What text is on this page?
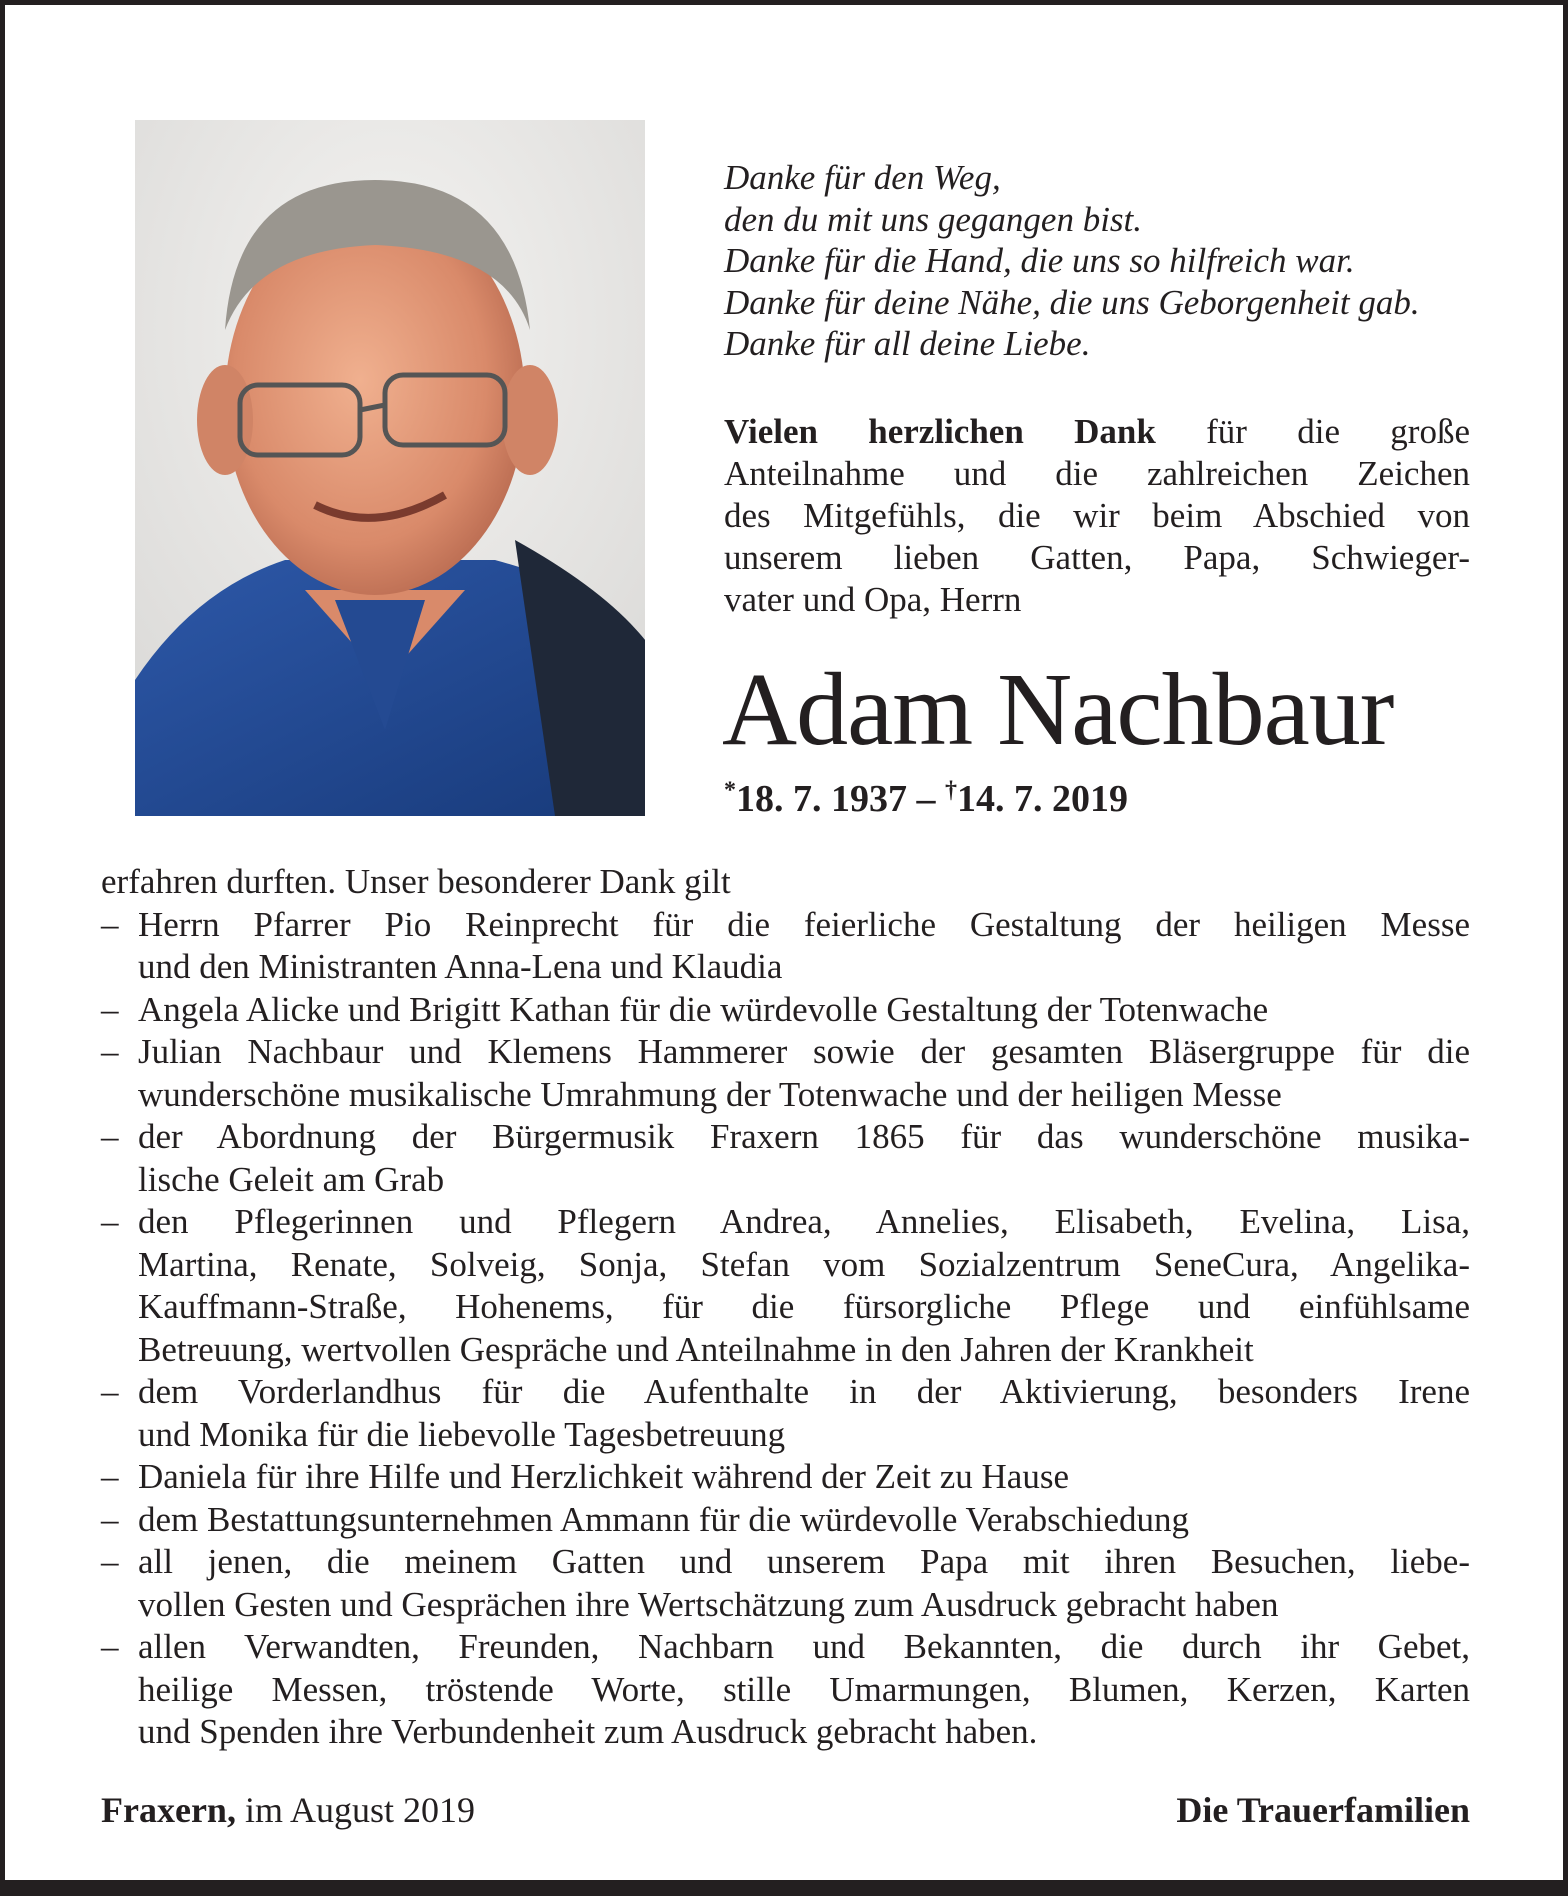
Danke für den Weg,
den du mit uns gegangen bist.
Danke für die Hand, die uns so hilfreich war.
Danke für deine Nähe, die uns Geborgenheit gab.
Danke für all deine Liebe.
Vielen herzlichen Dank für die große
Anteilnahme und die zahlreichen Zeichen
des Mitgefühls, die wir beim Abschied von
unserem lieben Gatten, Papa, Schwieger-
vater und Opa, Herrn
Adam Nachbaur
*18. 7. 1937 – †14. 7. 2019
erfahren durften. Unser besonderer Dank gilt
– Herrn Pfarrer Pio Reinprecht für die feierliche Gestaltung der heiligen Messe
und den Ministranten Anna-Lena und Klaudia
– Angela Alicke und Brigitt Kathan für die würdevolle Gestaltung der Totenwache
– Julian Nachbaur und Klemens Hammerer sowie der gesamten Bläsergruppe für die
wunderschöne musikalische Umrahmung der Totenwache und der heiligen Messe
– der Abordnung der Bürgermusik Fraxern 1865 für das wunderschöne musika-
lische Geleit am Grab
– den Pflegerinnen und Pflegern Andrea, Annelies, Elisabeth, Evelina, Lisa,
Martina, Renate, Solveig, Sonja, Stefan vom Sozialzentrum SeneCura, Angelika-
Kauffmann-Straße, Hohenems, für die fürsorgliche Pflege und einfühlsame
Betreuung, wertvollen Gespräche und Anteilnahme in den Jahren der Krankheit
– dem Vorderlandhus für die Aufenthalte in der Aktivierung, besonders Irene
und Monika für die liebevolle Tagesbetreuung
– Daniela für ihre Hilfe und Herzlichkeit während der Zeit zu Hause
– dem Bestattungsunternehmen Ammann für die würdevolle Verabschiedung
– all jenen, die meinem Gatten und unserem Papa mit ihren Besuchen, liebe-
vollen Gesten und Gesprächen ihre Wertschätzung zum Ausdruck gebracht haben
– allen Verwandten, Freunden, Nachbarn und Bekannten, die durch ihr Gebet,
heilige Messen, tröstende Worte, stille Umarmungen, Blumen, Kerzen, Karten
und Spenden ihre Verbundenheit zum Ausdruck gebracht haben.
Fraxern, im August 2019	Die Trauerfamilien
